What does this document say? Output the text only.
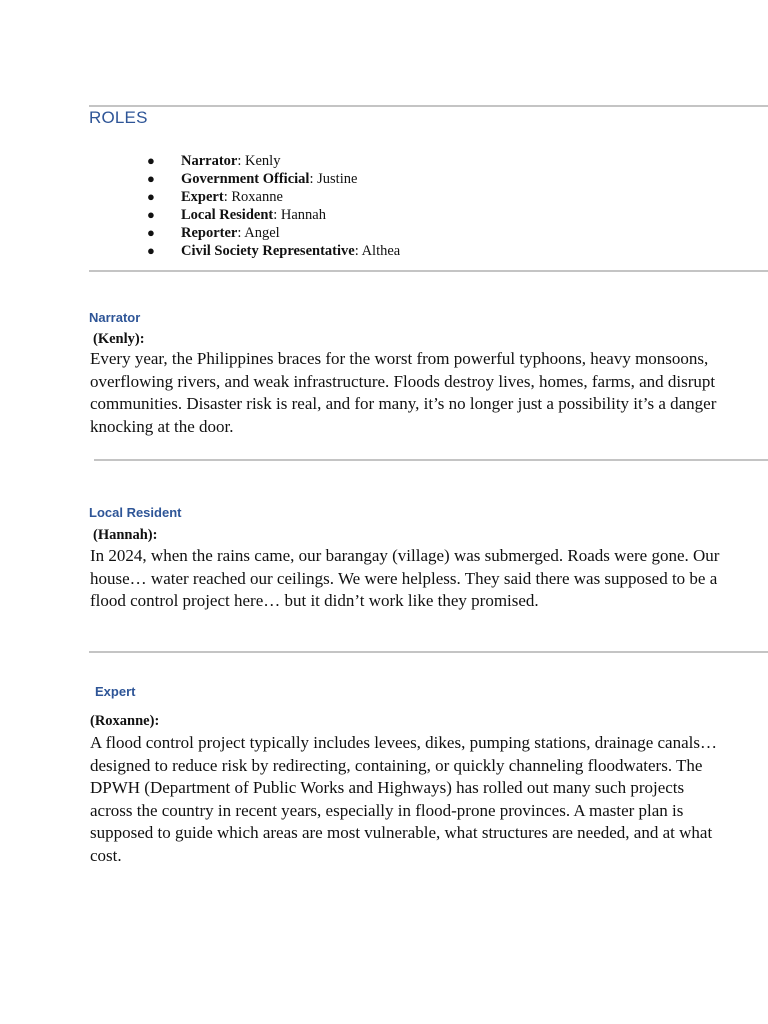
ROLES
● Narrator: Kenly
● Government Official: Justine
● Expert: Roxanne
● Local Resident: Hannah
● Reporter: Angel
● Civil Society Representative: Althea
Narrator
(Kenly):

Every year, the Philippines braces for the worst from powerful typhoons, heavy monsoons, overflowing rivers, and weak infrastructure. Floods destroy lives, homes, farms, and disrupt communities. Disaster risk is real, and for many, it’s no longer just a possibility it’s a danger knocking at the door.

Local Resident
(Hannah):

In 2024, when the rains came, our barangay (village) was submerged. Roads were gone. Our house… water reached our ceilings. We were helpless. They said there was supposed to be a flood control project here… but it didn’t work like they promised.

Expert
(Roxanne):

A flood control project typically includes levees, dikes, pumping stations, drainage canals… designed to reduce risk by redirecting, containing, or quickly channeling floodwaters. The DPWH (Department of Public Works and Highways) has rolled out many such projects across the country in recent years, especially in flood-prone provinces. A master plan is supposed to guide which areas are most vulnerable, what structures are needed, and at what cost.
